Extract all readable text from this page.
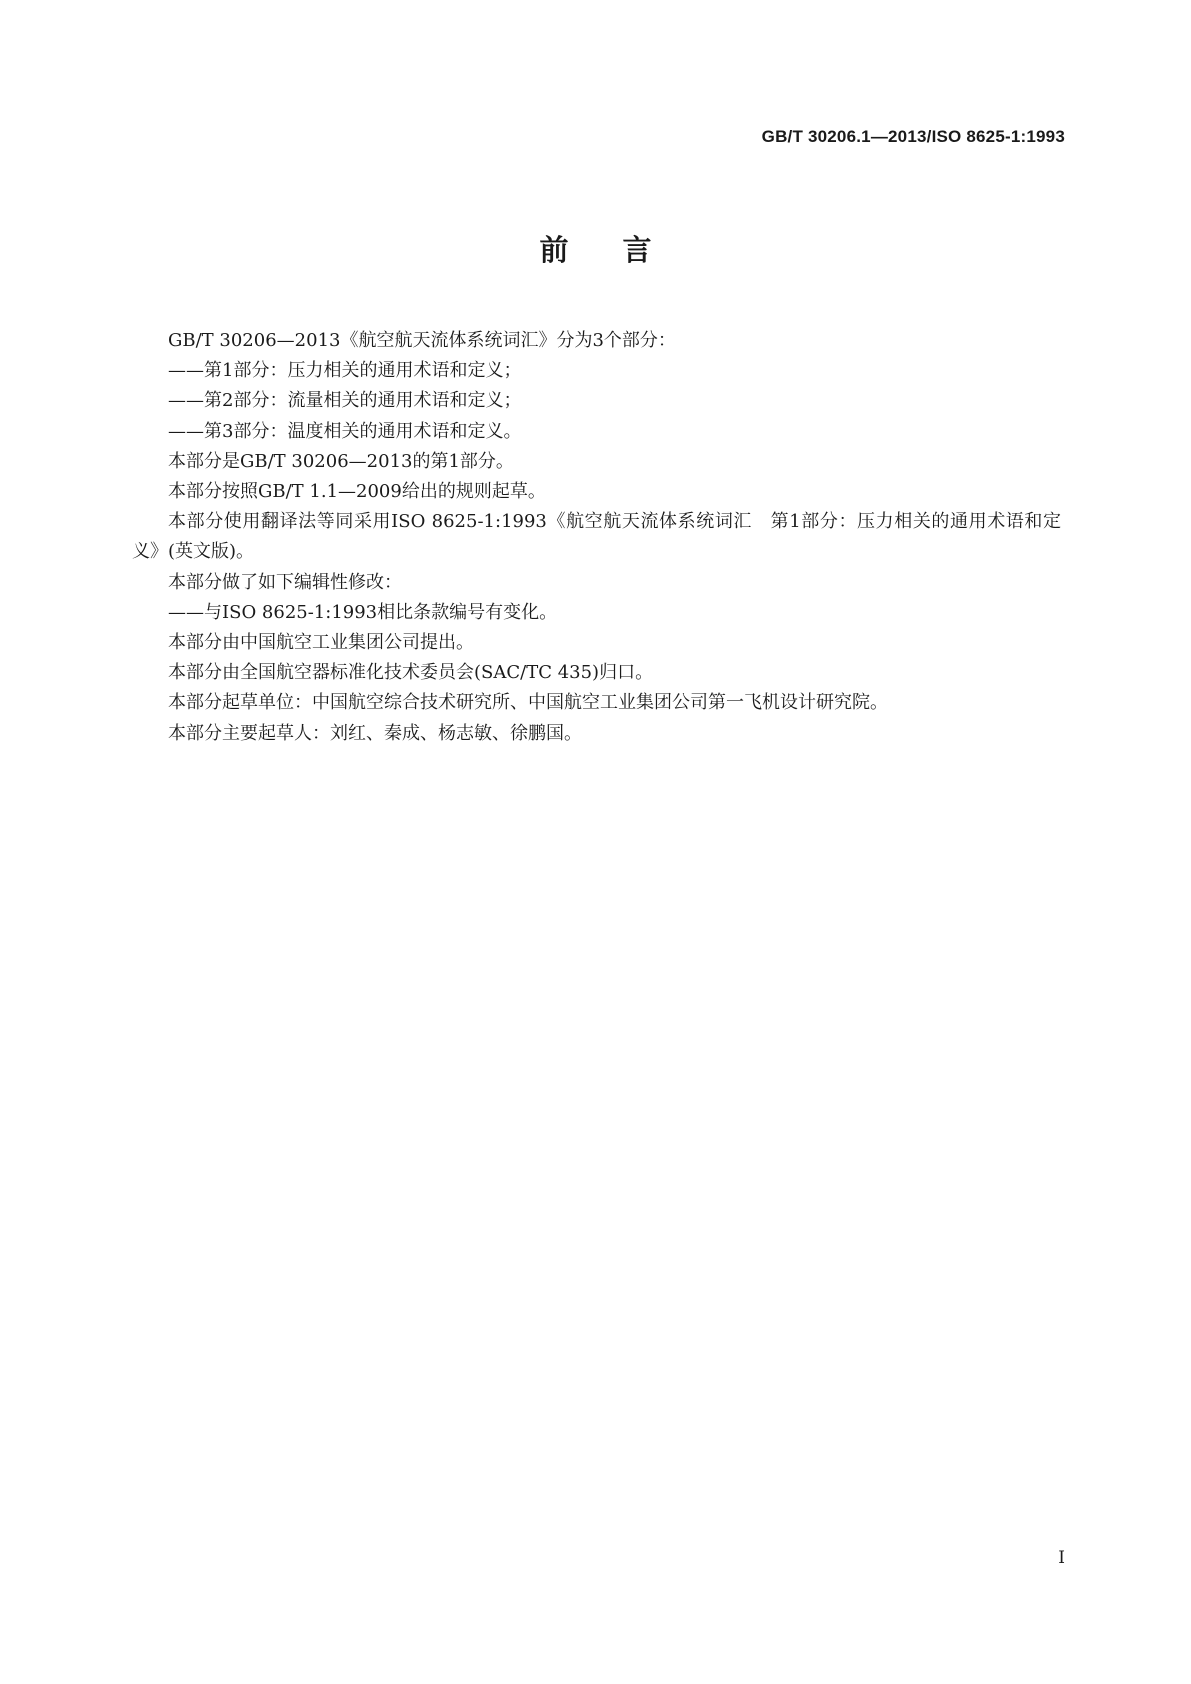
GB/T 30206.1—2013/ISO 8625-1:1993
前言

GB/T 30206—2013《航空航天流体系统词汇》分为3个部分：

——第1部分：压力相关的通用术语和定义；

——第2部分：流量相关的通用术语和定义；

——第3部分：温度相关的通用术语和定义。

本部分是GB/T 30206—2013的第1部分。

本部分按照GB/T 1.1—2009给出的规则起草。

本部分使用翻译法等同采用ISO 8625-1:1993《航空航天流体系统词汇　第1部分：压力相关的通用术语和定义》(英文版)。

本部分做了如下编辑性修改：

——与ISO 8625-1:1993相比条款编号有变化。

本部分由中国航空工业集团公司提出。

本部分由全国航空器标准化技术委员会(SAC/TC 435)归口。

本部分起草单位：中国航空综合技术研究所、中国航空工业集团公司第一飞机设计研究院。

本部分主要起草人：刘红、秦成、杨志敏、徐鹏国。

I
